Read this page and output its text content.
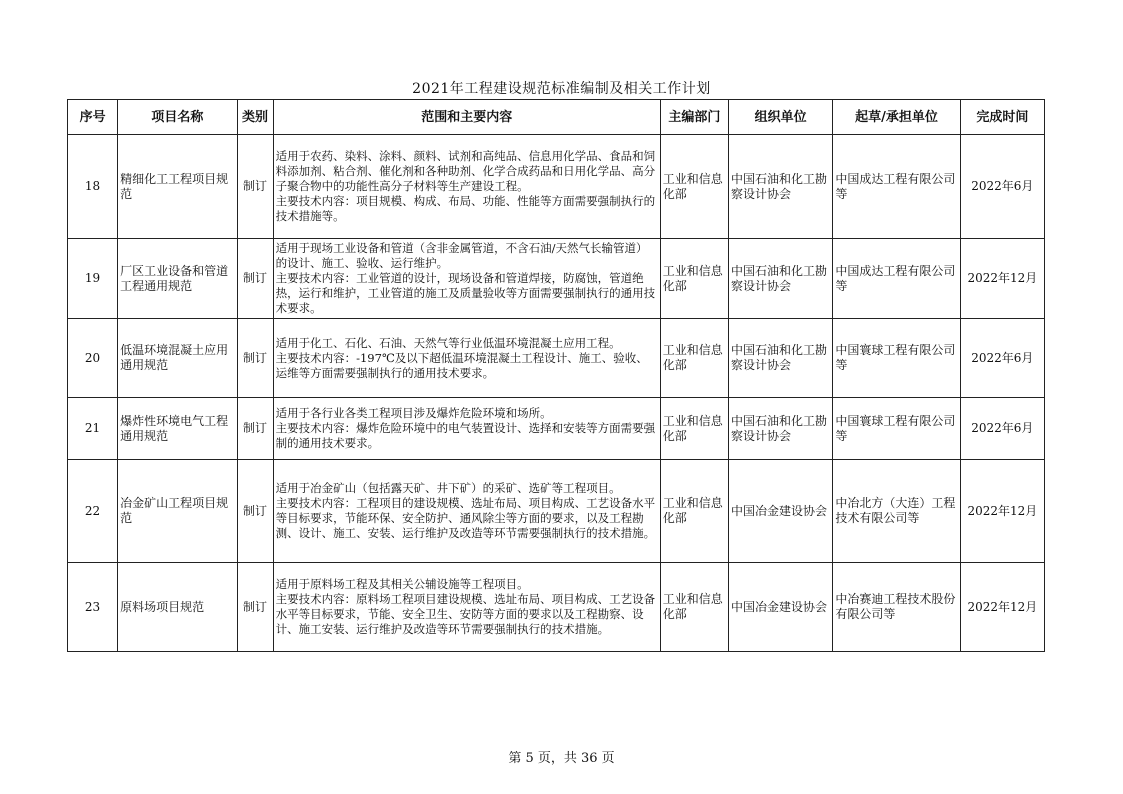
2021年工程建设规范标准编制及相关工作计划
序号	项目名称	类别	范围和主要内容	主编部门	组织单位	起草/承担单位	完成时间
18	精细化工工程项目规范	制订	适用于农药、染料、涂料、颜料、试剂和高纯品、信息用化学品、食品和饲料添加剂、粘合剂、催化剂和各种助剂、化学合成药品和日用化学品、高分子聚合物中的功能性高分子材料等生产建设工程。
主要技术内容：项目规模、构成、布局、功能、性能等方面需要强制执行的技术措施等。	工业和信息化部	中国石油和化工勘察设计协会	中国成达工程有限公司等	2022年6月
19	厂区工业设备和管道工程通用规范	制订	适用于现场工业设备和管道（含非金属管道，不含石油/天然气长输管道）的设计、施工、验收、运行维护。
主要技术内容：工业管道的设计，现场设备和管道焊接，防腐蚀，管道绝热，运行和维护，工业管道的施工及质量验收等方面需要强制执行的通用技术要求。	工业和信息化部	中国石油和化工勘察设计协会	中国成达工程有限公司等	2022年12月
20	低温环境混凝土应用通用规范	制订	适用于化工、石化、石油、天然气等行业低温环境混凝土应用工程。
主要技术内容：-197℃及以下超低温环境混凝土工程设计、施工、验收、运维等方面需要强制执行的通用技术要求。	工业和信息化部	中国石油和化工勘察设计协会	中国寰球工程有限公司等	2022年6月
21	爆炸性环境电气工程通用规范	制订	适用于各行业各类工程项目涉及爆炸危险环境和场所。
主要技术内容：爆炸危险环境中的电气装置设计、选择和安装等方面需要强制的通用技术要求。	工业和信息化部	中国石油和化工勘察设计协会	中国寰球工程有限公司等	2022年6月
22	冶金矿山工程项目规范	制订	适用于冶金矿山（包括露天矿、井下矿）的采矿、选矿等工程项目。
主要技术内容：工程项目的建设规模、选址布局、项目构成、工艺设备水平等目标要求，节能环保、安全防护、通风除尘等方面的要求，以及工程勘测、设计、施工、安装、运行维护及改造等环节需要强制执行的技术措施。	工业和信息化部	中国冶金建设协会	中冶北方（大连）工程技术有限公司等	2022年12月
23	原料场项目规范	制订	适用于原料场工程及其相关公辅设施等工程项目。
主要技术内容：原料场工程项目建设规模、选址布局、项目构成、工艺设备水平等目标要求，节能、安全卫生、安防等方面的要求以及工程勘察、设计、施工安装、运行维护及改造等环节需要强制执行的技术措施。	工业和信息化部	中国冶金建设协会	中冶赛迪工程技术股份有限公司等	2022年12月
第 5 页，共 36 页
